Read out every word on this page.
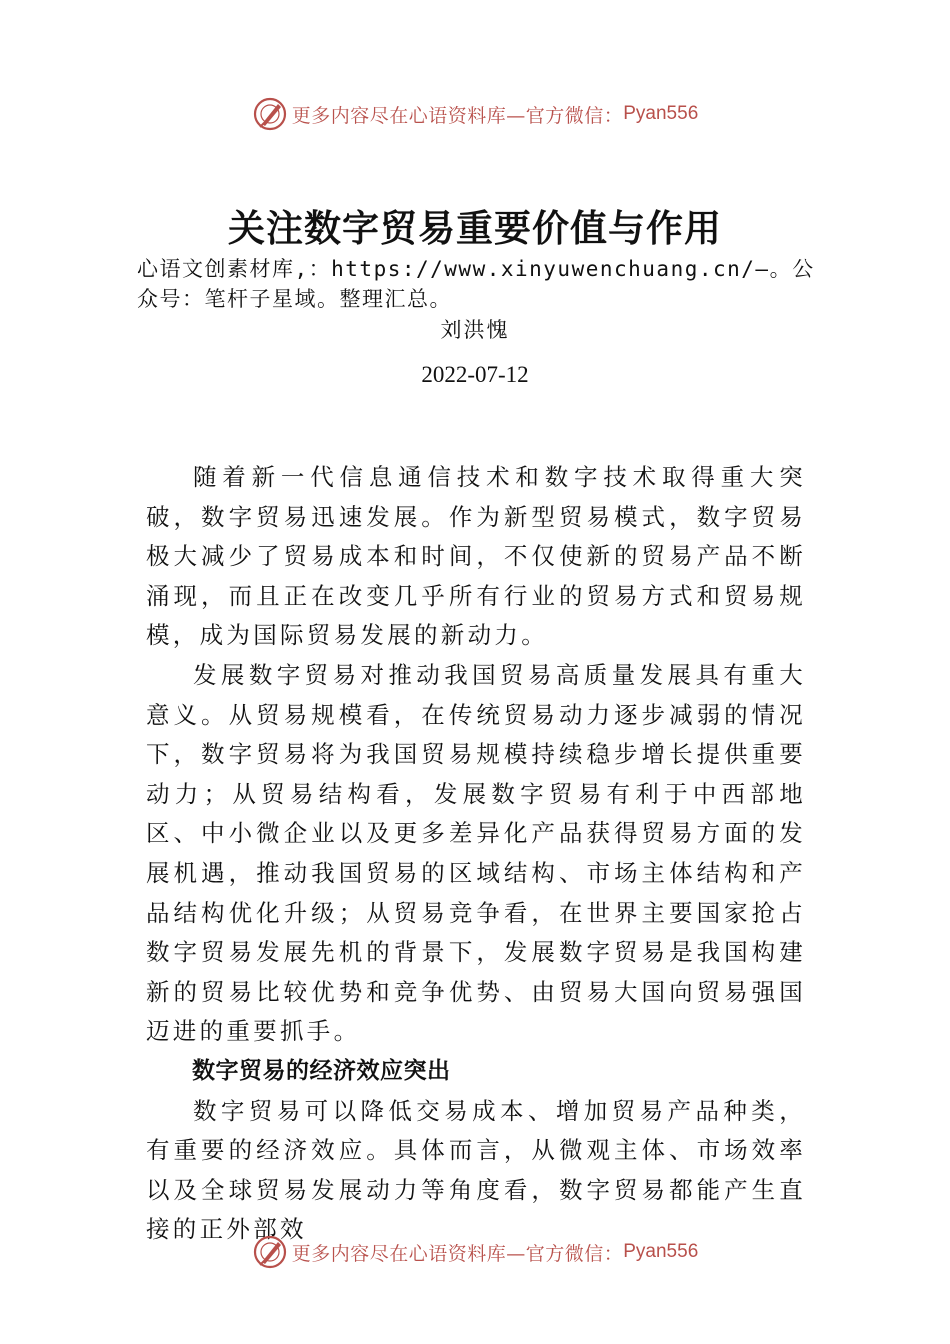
更多内容尽在心语资料库—官方微信： Pyan556
关注数字贸易重要价值与作用
心语文创素材库,：https://www.xinyuwenchuang.cn/—。公众号：笔杆子星域。整理汇总。
刘洪愧
2022-07-12

随着新一代信息通信技术和数字技术取得重大突破，数字贸易迅速发展。作为新型贸易模式，数字贸易极大减少了贸易成本和时间，不仅使新的贸易产品不断涌现，而且正在改变几乎所有行业的贸易方式和贸易规模，成为国际贸易发展的新动力。

发展数字贸易对推动我国贸易高质量发展具有重大意义。从贸易规模看，在传统贸易动力逐步减弱的情况下，数字贸易将为我国贸易规模持续稳步增长提供重要动力；从贸易结构看，发展数字贸易有利于中西部地区、中小微企业以及更多差异化产品获得贸易方面的发展机遇，推动我国贸易的区域结构、市场主体结构和产品结构优化升级；从贸易竞争看，在世界主要国家抢占数字贸易发展先机的背景下，发展数字贸易是我国构建新的贸易比较优势和竞争优势、由贸易大国向贸易强国迈进的重要抓手。

数字贸易的经济效应突出

数字贸易可以降低交易成本、增加贸易产品种类，有重要的经济效应。具体而言，从微观主体、市场效率以及全球贸易发展动力等角度看，数字贸易都能产生直接的正外部效

更多内容尽在心语资料库—官方微信： Pyan556
